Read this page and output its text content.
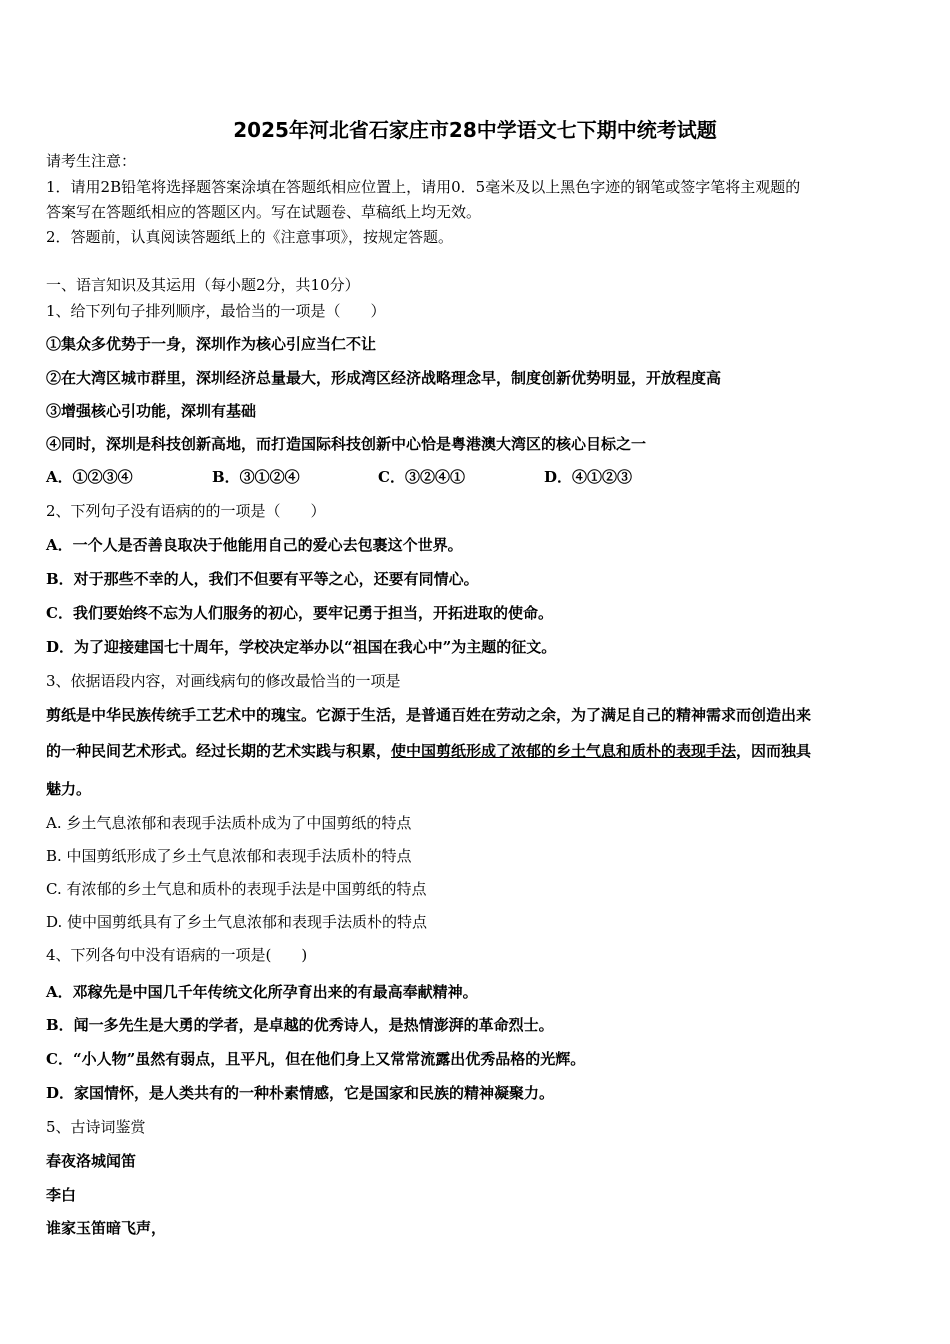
2025年河北省石家庄市28中学语文七下期中统考试题
请考生注意：
1．请用2B铅笔将选择题答案涂填在答题纸相应位置上，请用0．5毫米及以上黑色字迹的钢笔或签字笔将主观题的
答案写在答题纸相应的答题区内。写在试题卷、草稿纸上均无效。
2．答题前，认真阅读答题纸上的《注意事项》，按规定答题。
一、语言知识及其运用（每小题2分，共10分）
1、给下列句子排列顺序，最恰当的一项是（　　）
①集众多优势于一身，深圳作为核心引应当仁不让
②在大湾区城市群里，深圳经济总量最大，形成湾区经济战略理念早，制度创新优势明显，开放程度高
③增强核心引功能，深圳有基础
④同时，深圳是科技创新高地，而打造国际科技创新中心恰是粤港澳大湾区的核心目标之一
A．①②③④	B．③①②④	C．③②④①	D．④①②③
2、下列句子没有语病的的一项是（　　）
A．一个人是否善良取决于他能用自己的爱心去包裹这个世界。
B．对于那些不幸的人，我们不但要有平等之心，还要有同情心。
C．我们要始终不忘为人们服务的初心，要牢记勇于担当，开拓进取的使命。
D．为了迎接建国七十周年，学校决定举办以“祖国在我心中”为主题的征文。
3、依据语段内容，对画线病句的修改最恰当的一项是
剪纸是中华民族传统手工艺术中的瑰宝。它源于生活，是普通百姓在劳动之余，为了满足自己的精神需求而创造出来
的一种民间艺术形式。经过长期的艺术实践与积累，使中国剪纸形成了浓郁的乡土气息和质朴的表现手法，因而独具
魅力。
A. 乡土气息浓郁和表现手法质朴成为了中国剪纸的特点
B. 中国剪纸形成了乡土气息浓郁和表现手法质朴的特点
C. 有浓郁的乡土气息和质朴的表现手法是中国剪纸的特点
D. 使中国剪纸具有了乡土气息浓郁和表现手法质朴的特点
4、下列各句中没有语病的一项是(　　)
A．邓稼先是中国几千年传统文化所孕育出来的有最高奉献精神。
B．闻一多先生是大勇的学者，是卓越的优秀诗人，是热情澎湃的革命烈士。
C．“小人物”虽然有弱点，且平凡，但在他们身上又常常流露出优秀品格的光辉。
D．家国情怀，是人类共有的一种朴素情感，它是国家和民族的精神凝聚力。
5、古诗词鉴赏
春夜洛城闻笛
李白
谁家玉笛暗飞声，
